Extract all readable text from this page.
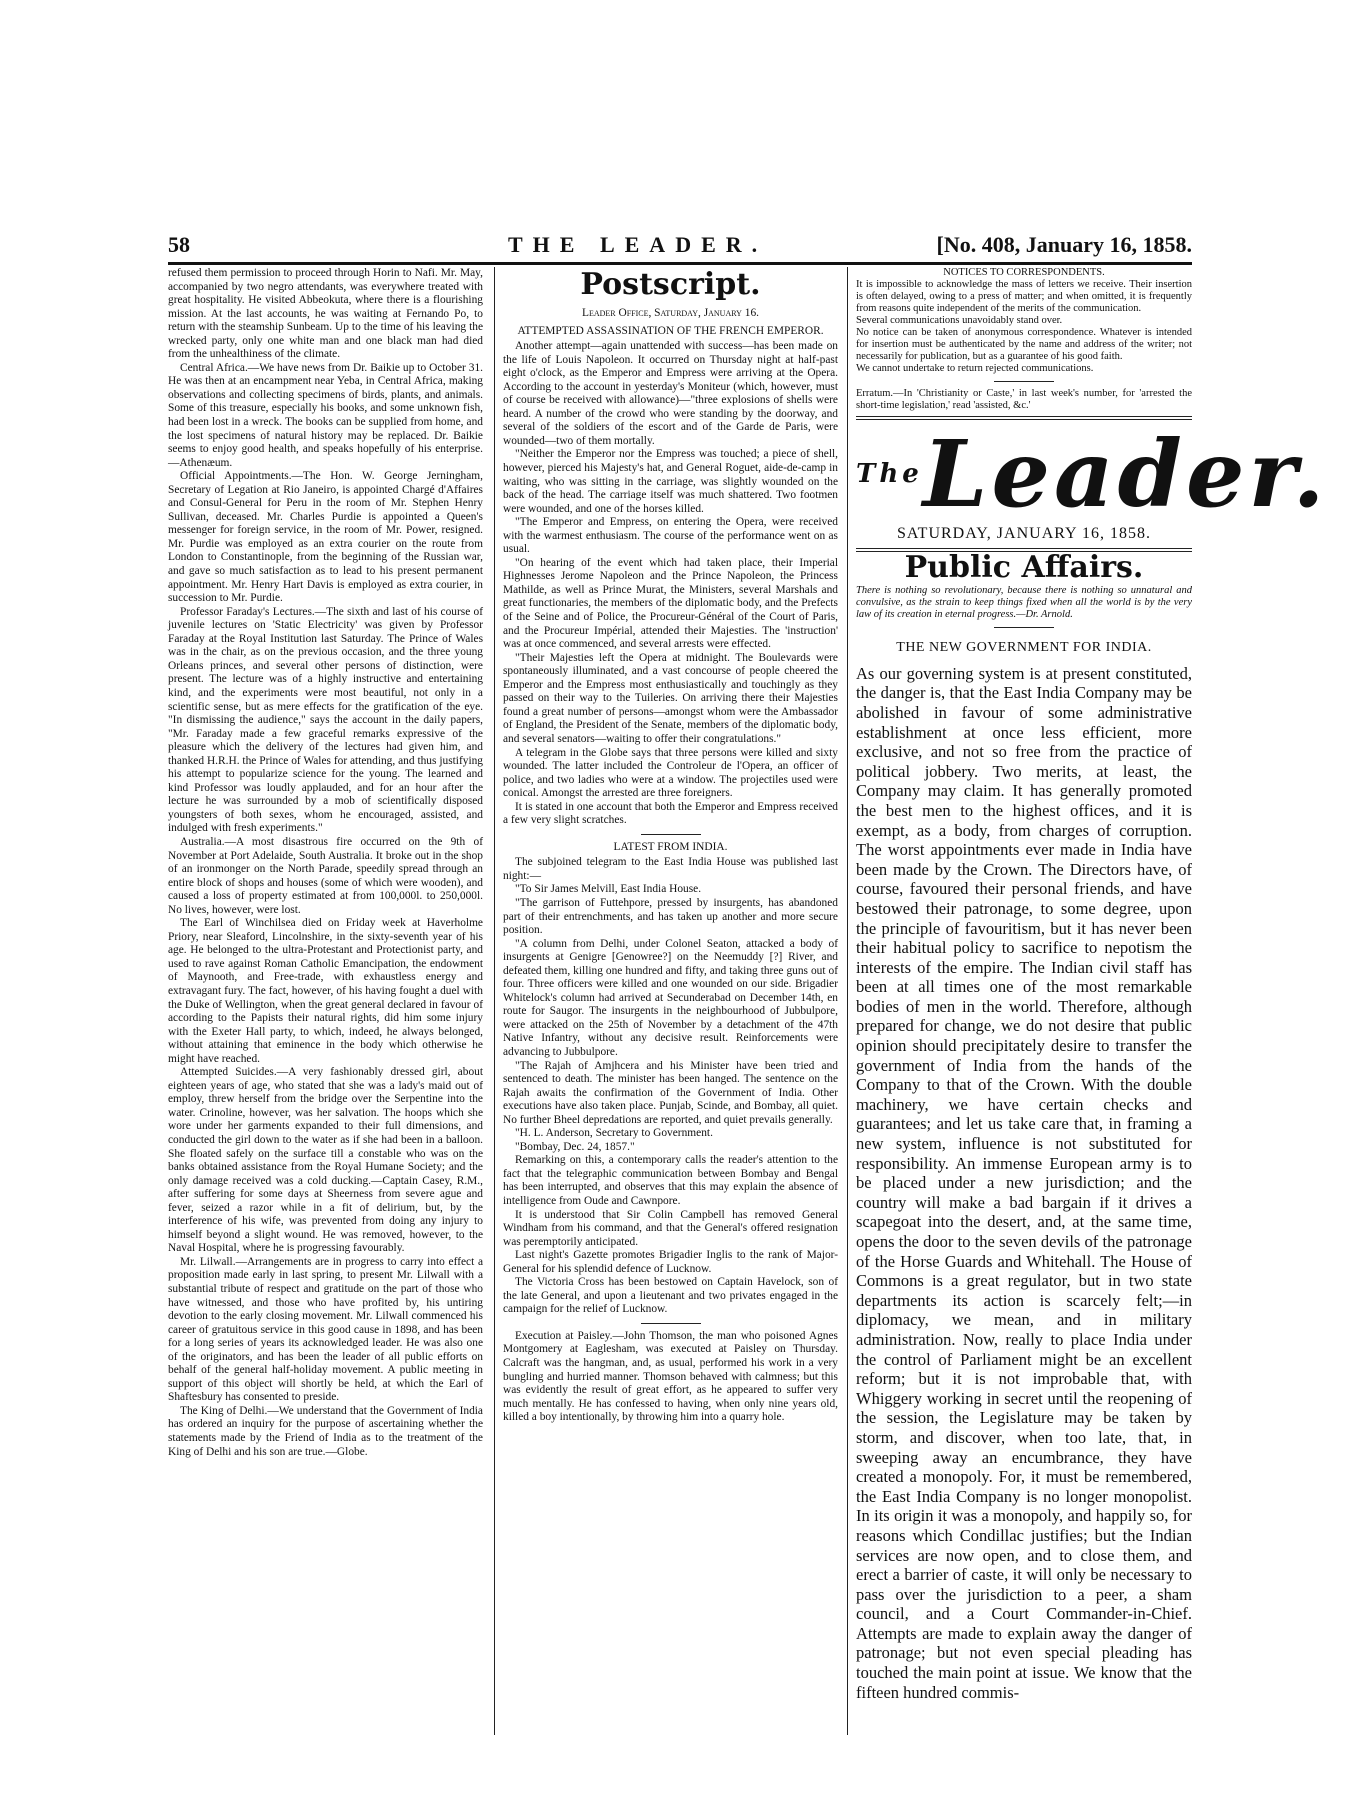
58	THE LEADER.	[No. 408, January 16, 1858.

refused them permission to proceed through Horin to Nafi. Mr. May, accompanied by two negro attendants, was everywhere treated with great hospitality. He visited Abbeokuta, where there is a flourishing mission. At the last accounts, he was waiting at Fernando Po, to return with the steamship Sunbeam. Up to the time of his leaving the wrecked party, only one white man and one black man had died from the unhealthiness of the climate.

Central Africa.—We have news from Dr. Baikie up to October 31. He was then at an encampment near Yeba, in Central Africa, making observations and collecting specimens of birds, plants, and animals. Some of this treasure, especially his books, and some unknown fish, had been lost in a wreck. The books can be supplied from home, and the lost specimens of natural history may be replaced. Dr. Baikie seems to enjoy good health, and speaks hopefully of his enterprise.—Athenæum.

Official Appointments.—The Hon. W. George Jerningham, Secretary of Legation at Rio Janeiro, is appointed Chargé d'Affaires and Consul-General for Peru in the room of Mr. Stephen Henry Sullivan, deceased. Mr. Charles Purdie is appointed a Queen's messenger for foreign service, in the room of Mr. Power, resigned. Mr. Purdie was employed as an extra courier on the route from London to Constantinople, from the beginning of the Russian war, and gave so much satisfaction as to lead to his present permanent appointment. Mr. Henry Hart Davis is employed as extra courier, in succession to Mr. Purdie.

Professor Faraday's Lectures.—The sixth and last of his course of juvenile lectures on 'Static Electricity' was given by Professor Faraday at the Royal Institution last Saturday. The Prince of Wales was in the chair, as on the previous occasion, and the three young Orleans princes, and several other persons of distinction, were present. The lecture was of a highly instructive and entertaining kind, and the experiments were most beautiful, not only in a scientific sense, but as mere effects for the gratification of the eye. "In dismissing the audience," says the account in the daily papers, "Mr. Faraday made a few graceful remarks expressive of the pleasure which the delivery of the lectures had given him, and thanked H.R.H. the Prince of Wales for attending, and thus justifying his attempt to popularize science for the young. The learned and kind Professor was loudly applauded, and for an hour after the lecture he was surrounded by a mob of scientifically disposed youngsters of both sexes, whom he encouraged, assisted, and indulged with fresh experiments."

Australia.—A most disastrous fire occurred on the 9th of November at Port Adelaide, South Australia. It broke out in the shop of an ironmonger on the North Parade, speedily spread through an entire block of shops and houses (some of which were wooden), and caused a loss of property estimated at from 100,000l. to 250,000l. No lives, however, were lost.

The Earl of Winchilsea died on Friday week at Haverholme Priory, near Sleaford, Lincolnshire, in the sixty-seventh year of his age. He belonged to the ultra-Protestant and Protectionist party, and used to rave against Roman Catholic Emancipation, the endowment of Maynooth, and Free-trade, with exhaustless energy and extravagant fury. The fact, however, of his having fought a duel with the Duke of Wellington, when the great general declared in favour of according to the Papists their natural rights, did him some injury with the Exeter Hall party, to which, indeed, he always belonged, without attaining that eminence in the body which otherwise he might have reached.

Attempted Suicides.—A very fashionably dressed girl, about eighteen years of age, who stated that she was a lady's maid out of employ, threw herself from the bridge over the Serpentine into the water. Crinoline, however, was her salvation. The hoops which she wore under her garments expanded to their full dimensions, and conducted the girl down to the water as if she had been in a balloon. She floated safely on the surface till a constable who was on the banks obtained assistance from the Royal Humane Society; and the only damage received was a cold ducking.—Captain Casey, R.M., after suffering for some days at Sheerness from severe ague and fever, seized a razor while in a fit of delirium, but, by the interference of his wife, was prevented from doing any injury to himself beyond a slight wound. He was removed, however, to the Naval Hospital, where he is progressing favourably.

Mr. Lilwall.—Arrangements are in progress to carry into effect a proposition made early in last spring, to present Mr. Lilwall with a substantial tribute of respect and gratitude on the part of those who have witnessed, and those who have profited by, his untiring devotion to the early closing movement. Mr. Lilwall commenced his career of gratuitous service in this good cause in 1898, and has been for a long series of years its acknowledged leader. He was also one of the originators, and has been the leader of all public efforts on behalf of the general half-holiday movement. A public meeting in support of this object will shortly be held, at which the Earl of Shaftesbury has consented to preside.

The King of Delhi.—We understand that the Government of India has ordered an inquiry for the purpose of ascertaining whether the statements made by the Friend of India as to the treatment of the King of Delhi and his son are true.—Globe.

Postscript.

Leader Office, Saturday, January 16.

ATTEMPTED ASSASSINATION OF THE FRENCH EMPEROR.

Another attempt—again unattended with success—has been made on the life of Louis Napoleon. It occurred on Thursday night at half-past eight o'clock, as the Emperor and Empress were arriving at the Opera. According to the account in yesterday's Moniteur (which, however, must of course be received with allowance)—"three explosions of shells were heard. A number of the crowd who were standing by the doorway, and several of the soldiers of the escort and of the Garde de Paris, were wounded—two of them mortally.

"Neither the Emperor nor the Empress was touched; a piece of shell, however, pierced his Majesty's hat, and General Roguet, aide-de-camp in waiting, who was sitting in the carriage, was slightly wounded on the back of the head. The carriage itself was much shattered. Two footmen were wounded, and one of the horses killed.

"The Emperor and Empress, on entering the Opera, were received with the warmest enthusiasm. The course of the performance went on as usual.

"On hearing of the event which had taken place, their Imperial Highnesses Jerome Napoleon and the Prince Napoleon, the Princess Mathilde, as well as Prince Murat, the Ministers, several Marshals and great functionaries, the members of the diplomatic body, and the Prefects of the Seine and of Police, the Procureur-Général of the Court of Paris, and the Procureur Impérial, attended their Majesties. The 'instruction' was at once commenced, and several arrests were effected.

"Their Majesties left the Opera at midnight. The Boulevards were spontaneously illuminated, and a vast concourse of people cheered the Emperor and the Empress most enthusiastically and touchingly as they passed on their way to the Tuileries. On arriving there their Majesties found a great number of persons—amongst whom were the Ambassador of England, the President of the Senate, members of the diplomatic body, and several senators—waiting to offer their congratulations."

A telegram in the Globe says that three persons were killed and sixty wounded. The latter included the Controleur de l'Opera, an officer of police, and two ladies who were at a window. The projectiles used were conical. Amongst the arrested are three foreigners.

It is stated in one account that both the Emperor and Empress received a few very slight scratches.

LATEST FROM INDIA.

The subjoined telegram to the East India House was published last night:—

"To Sir James Melvill, East India House.

"The garrison of Futtehpore, pressed by insurgents, has abandoned part of their entrenchments, and has taken up another and more secure position.

"A column from Delhi, under Colonel Seaton, attacked a body of insurgents at Genigre [Genowree?] on the Neemuddy [?] River, and defeated them, killing one hundred and fifty, and taking three guns out of four. Three officers were killed and one wounded on our side. Brigadier Whitelock's column had arrived at Secunderabad on December 14th, en route for Saugor. The insurgents in the neighbourhood of Jubbulpore, were attacked on the 25th of November by a detachment of the 47th Native Infantry, without any decisive result. Reinforcements were advancing to Jubbulpore.

"The Rajah of Amjhcera and his Minister have been tried and sentenced to death. The minister has been hanged. The sentence on the Rajah awaits the confirmation of the Government of India. Other executions have also taken place. Punjab, Scinde, and Bombay, all quiet. No further Bheel depredations are reported, and quiet prevails generally.

"H. L. Anderson, Secretary to Government.

"Bombay, Dec. 24, 1857."

Remarking on this, a contemporary calls the reader's attention to the fact that the telegraphic communication between Bombay and Bengal has been interrupted, and observes that this may explain the absence of intelligence from Oude and Cawnpore.

It is understood that Sir Colin Campbell has removed General Windham from his command, and that the General's offered resignation was peremptorily anticipated.

Last night's Gazette promotes Brigadier Inglis to the rank of Major-General for his splendid defence of Lucknow.

The Victoria Cross has been bestowed on Captain Havelock, son of the late General, and upon a lieutenant and two privates engaged in the campaign for the relief of Lucknow.

Execution at Paisley.—John Thomson, the man who poisoned Agnes Montgomery at Eaglesham, was executed at Paisley on Thursday. Calcraft was the hangman, and, as usual, performed his work in a very bungling and hurried manner. Thomson behaved with calmness; but this was evidently the result of great effort, as he appeared to suffer very much mentally. He has confessed to having, when only nine years old, killed a boy intentionally, by throwing him into a quarry hole.

NOTICES TO CORRESPONDENTS.

It is impossible to acknowledge the mass of letters we receive. Their insertion is often delayed, owing to a press of matter; and when omitted, it is frequently from reasons quite independent of the merits of the communication.

Several communications unavoidably stand over.

No notice can be taken of anonymous correspondence. Whatever is intended for insertion must be authenticated by the name and address of the writer; not necessarily for publication, but as a guarantee of his good faith.

We cannot undertake to return rejected communications.

Erratum.—In 'Christianity or Caste,' in last week's number, for 'arrested the short-time legislation,' read 'assisted, &c.'

$^{The}$Leader.

SATURDAY, JANUARY 16, 1858.

Public Affairs.

There is nothing so revolutionary, because there is nothing so unnatural and convulsive, as the strain to keep things fixed when all the world is by the very law of its creation in eternal progress.—Dr. Arnold.

THE NEW GOVERNMENT FOR INDIA.

As our governing system is at present constituted, the danger is, that the East India Company may be abolished in favour of some administrative establishment at once less efficient, more exclusive, and not so free from the practice of political jobbery. Two merits, at least, the Company may claim. It has generally promoted the best men to the highest offices, and it is exempt, as a body, from charges of corruption. The worst appointments ever made in India have been made by the Crown. The Directors have, of course, favoured their personal friends, and have bestowed their patronage, to some degree, upon the principle of favouritism, but it has never been their habitual policy to sacrifice to nepotism the interests of the empire. The Indian civil staff has been at all times one of the most remarkable bodies of men in the world. Therefore, although prepared for change, we do not desire that public opinion should precipitately desire to transfer the government of India from the hands of the Company to that of the Crown. With the double machinery, we have certain checks and guarantees; and let us take care that, in framing a new system, influence is not substituted for responsibility. An immense European army is to be placed under a new jurisdiction; and the country will make a bad bargain if it drives a scapegoat into the desert, and, at the same time, opens the door to the seven devils of the patronage of the Horse Guards and Whitehall. The House of Commons is a great regulator, but in two state departments its action is scarcely felt;—in diplomacy, we mean, and in military administration. Now, really to place India under the control of Parliament might be an excellent reform; but it is not improbable that, with Whiggery working in secret until the reopening of the session, the Legislature may be taken by storm, and discover, when too late, that, in sweeping away an encumbrance, they have created a monopoly. For, it must be remembered, the East India Company is no longer monopolist. In its origin it was a monopoly, and happily so, for reasons which Condillac justifies; but the Indian services are now open, and to close them, and erect a barrier of caste, it will only be necessary to pass over the jurisdiction to a peer, a sham council, and a Court Commander-in-Chief. Attempts are made to explain away the danger of patronage; but not even special pleading has touched the main point at issue. We know that the fifteen hundred commis-
